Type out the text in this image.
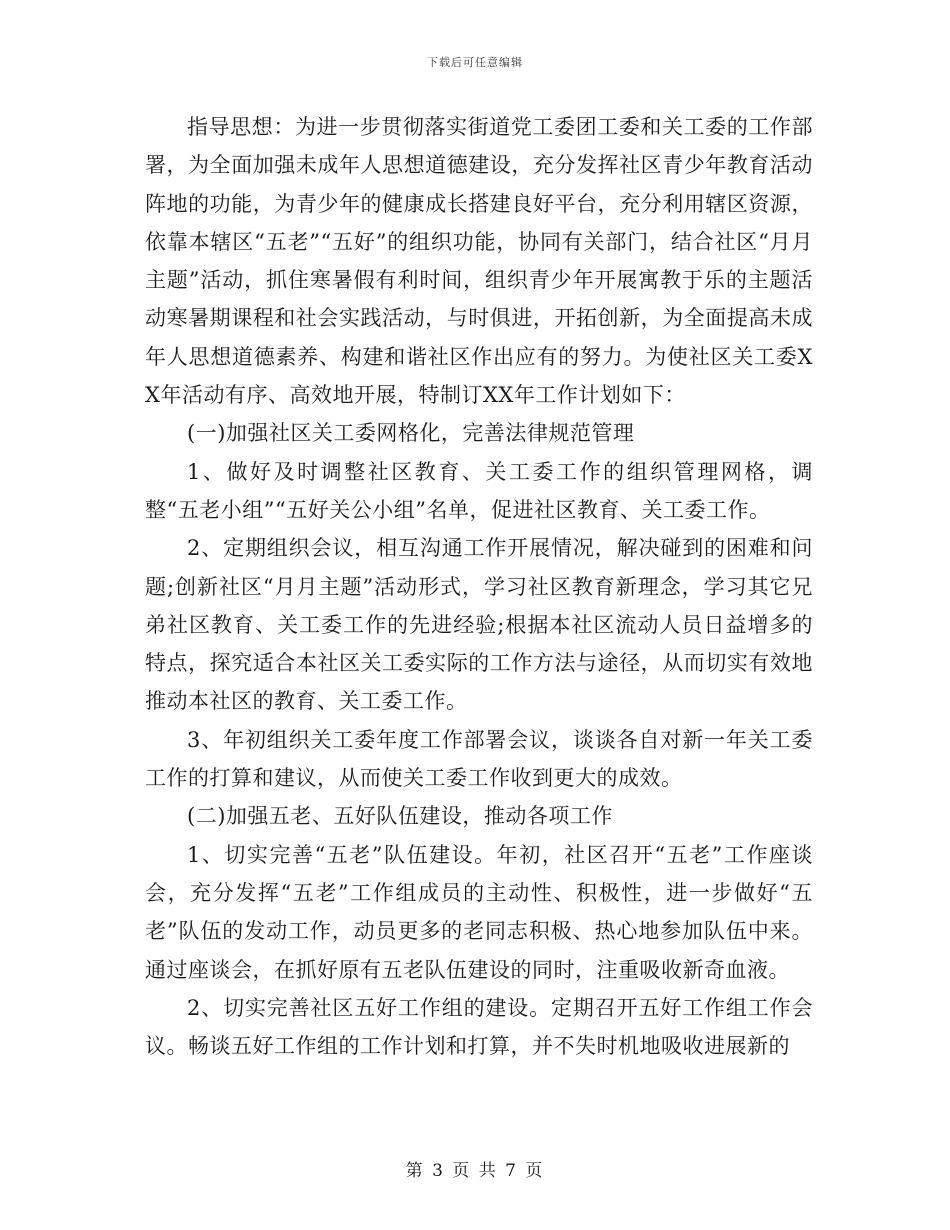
下载后可任意编辑

指导思想：为进一步贯彻落实街道党工委团工委和关工委的工作部署，为全面加强未成年人思想道德建设，充分发挥社区青少年教育活动阵地的功能，为青少年的健康成长搭建良好平台，充分利用辖区资源，依靠本辖区“五老”“五好”的组织功能，协同有关部门，结合社区“月月主题”活动，抓住寒暑假有利时间，组织青少年开展寓教于乐的主题活动寒暑期课程和社会实践活动，与时俱进，开拓创新，为全面提高未成年人思想道德素养、构建和谐社区作出应有的努力。为使社区关工委XX年活动有序、高效地开展，特制订XX年工作计划如下：

(一)加强社区关工委网格化，完善法律规范管理

1、做好及时调整社区教育、关工委工作的组织管理网格，调整“五老小组”“五好关公小组”名单，促进社区教育、关工委工作。

2、定期组织会议，相互沟通工作开展情况，解决碰到的困难和问题;创新社区“月月主题”活动形式，学习社区教育新理念，学习其它兄弟社区教育、关工委工作的先进经验;根据本社区流动人员日益增多的特点，探究适合本社区关工委实际的工作方法与途径，从而切实有效地推动本社区的教育、关工委工作。

3、年初组织关工委年度工作部署会议，谈谈各自对新一年关工委工作的打算和建议，从而使关工委工作收到更大的成效。

(二)加强五老、五好队伍建设，推动各项工作

1、切实完善“五老”队伍建设。年初，社区召开“五老”工作座谈会，充分发挥“五老”工作组成员的主动性、积极性，进一步做好“五老”队伍的发动工作，动员更多的老同志积极、热心地参加队伍中来。通过座谈会，在抓好原有五老队伍建设的同时，注重吸收新奇血液。

2、切实完善社区五好工作组的建设。定期召开五好工作组工作会议。畅谈五好工作组的工作计划和打算，并不失时机地吸收进展新的

第 3 页 共 7 页
